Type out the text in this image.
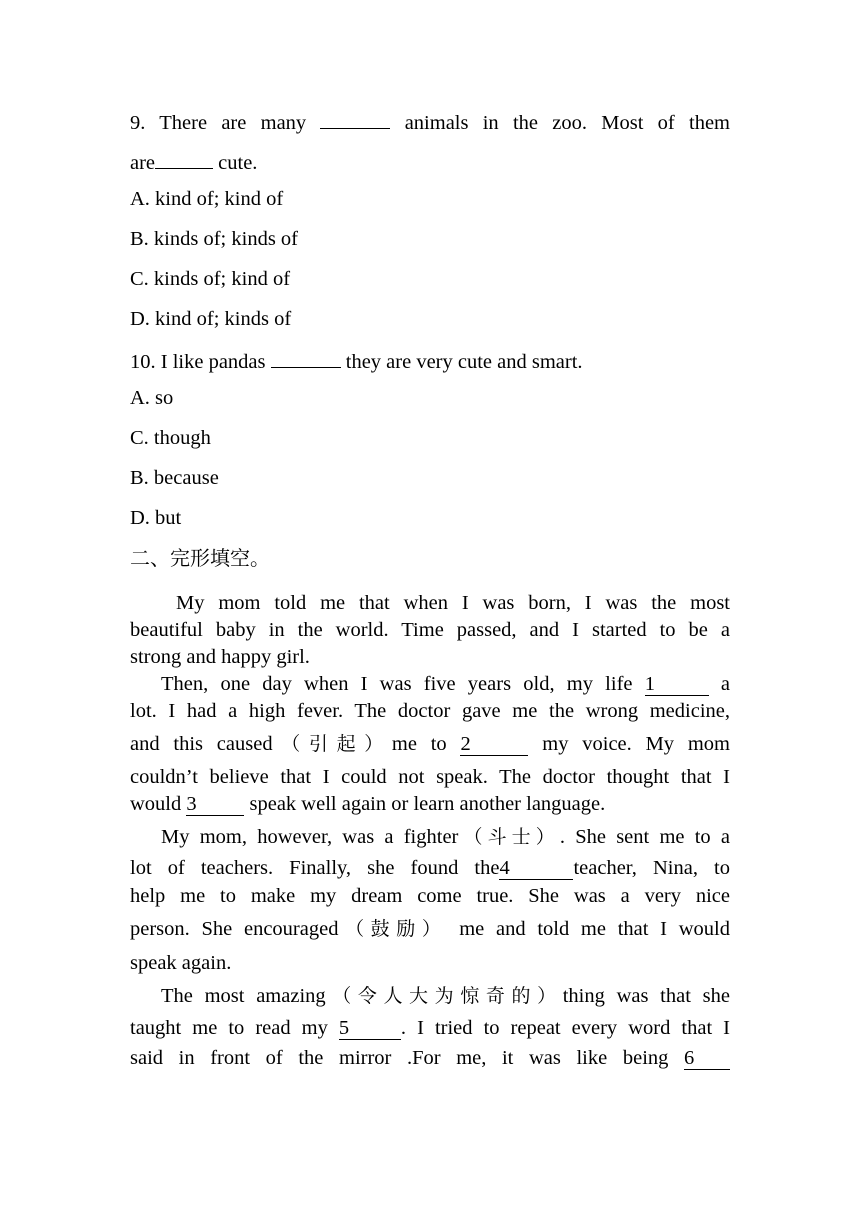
9. There are many	animals in the zoo. Most of them
are	cute.
A. kind of; kind of
B. kinds of; kinds of
C. kinds of; kind of
D. kind of; kinds of
10. I like pandas	they are very cute and smart.
A. so
C. though
B. because
D. but
二、完形填空。
My mom told me that when I was born, I was the most
beautiful baby in the world. Time passed, and I started to be a
strong and happy girl.
Then, one day when I was five years old, my life 1	a
lot. I had a high fever. The doctor gave me the wrong medicine,
and this caused（引起）me to 2	my voice. My mom
couldn’t believe that I could not speak. The doctor thought that I
would 3	speak well again or learn another language.
My mom, however, was a fighter（斗士）. She sent me to a
lot of teachers. Finally, she found the4	teacher, Nina, to
help me to make my dream come true. She was a very nice
person. She encouraged（鼓励） me and told me that I would
speak again.
The most amazing（令人大为惊奇的）thing was that she
taught me to read my 5	. I tried to repeat every word that I
said in front of the mirror .For me, it was like being 6
